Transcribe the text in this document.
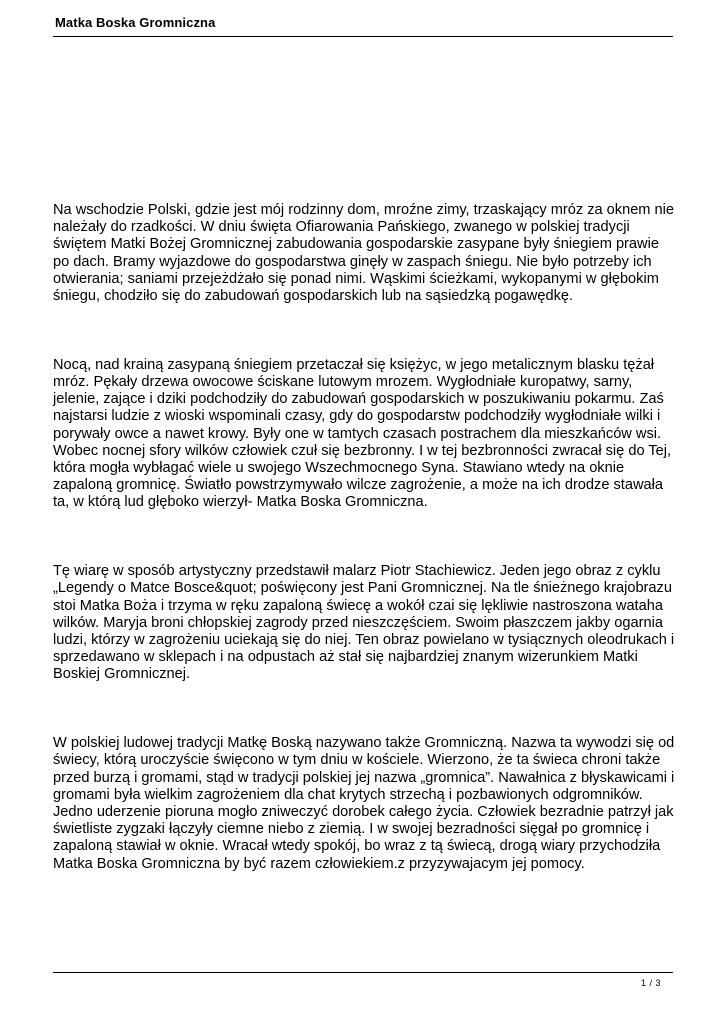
Matka Boska Gromniczna

Na wschodzie Polski, gdzie jest mój rodzinny dom, mroźne zimy, trzaskający mróz za oknem nie należały do rzadkości. W dniu święta Ofiarowania Pańskiego, zwanego w polskiej tradycji świętem Matki Bożej Gromnicznej zabudowania gospodarskie zasypane były śniegiem prawie po dach. Bramy wyjazdowe do gospodarstwa ginęły w zaspach śniegu. Nie było potrzeby ich otwierania; saniami przejeżdżało się ponad nimi. Wąskimi ścieżkami, wykopanymi w głębokim śniegu, chodziło się do zabudowań gospodarskich lub na sąsiedzką pogawędkę.

Nocą, nad krainą zasypaną śniegiem przetaczał się księżyc, w jego metalicznym blasku tężał mróz. Pękały drzewa owocowe ściskane lutowym mrozem. Wygłodniałe kuropatwy, sarny, jelenie, zające i dziki podchodziły do zabudowań gospodarskich w poszukiwaniu pokarmu. Zaś najstarsi ludzie z wioski wspominali czasy, gdy do gospodarstw podchodziły wygłodniałe wilki i porywały owce a nawet krowy. Były one w tamtych czasach postrachem dla mieszkańców wsi. Wobec nocnej sfory wilków człowiek czuł się bezbronny. I w tej bezbronności zwracał się do Tej, która mogła wybłagać wiele u swojego Wszechmocnego Syna. Stawiano wtedy na oknie zapaloną gromnicę. Światło powstrzymywało wilcze zagrożenie, a może na ich drodze stawała ta, w którą lud głęboko wierzył- Matka Boska Gromniczna.

Tę wiarę w sposób artystyczny przedstawił malarz Piotr Stachiewicz. Jeden jego obraz z cyklu „Legendy o Matce Bosce&quot; poświęcony jest Pani Gromnicznej. Na tle śnieżnego krajobrazu stoi Matka Boża i trzyma w ręku zapaloną świecę a wokół czai się lękliwie nastroszona wataha wilków. Maryja broni chłopskiej zagrody przed nieszczęściem. Swoim płaszczem jakby ogarnia ludzi, którzy w zagrożeniu uciekają się do niej. Ten obraz powielano w tysiącznych oleodrukach i sprzedawano w sklepach i na odpustach aż stał się najbardziej znanym wizerunkiem Matki Boskiej Gromnicznej.

W polskiej ludowej tradycji Matkę Boską nazywano także Gromniczną. Nazwa ta wywodzi się od świecy, którą uroczyście święcono w tym dniu w kościele. Wierzono, że ta świeca chroni także przed burzą i gromami, stąd w tradycji polskiej jej nazwa „gromnica”. Nawałnica z błyskawicami i gromami była wielkim zagrożeniem dla chat krytych strzechą i pozbawionych odgromników. Jedno uderzenie pioruna mogło zniweczyć dorobek całego życia. Człowiek bezradnie patrzył jak świetliste zygzaki łączyły ciemne niebo z ziemią. I w swojej bezradności sięgał po gromnicę i zapaloną stawiał w oknie. Wracał wtedy spokój, bo wraz z tą świecą, drogą wiary przychodziła Matka Boska Gromniczna by być razem człowiekiem.z przyzywajacym jej pomocy.

1 / 3
